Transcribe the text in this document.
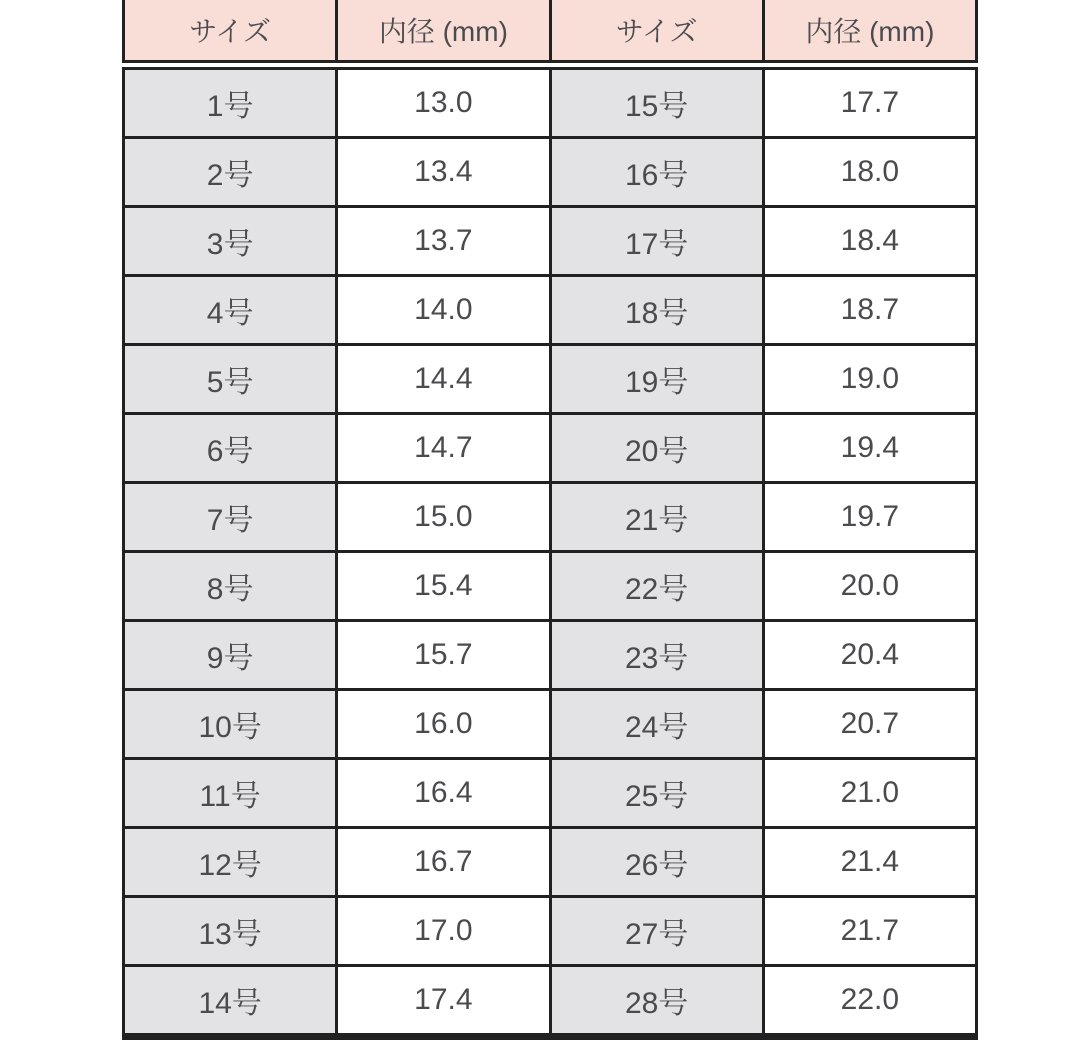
サイズ	内径 (mm)	サイズ	内径 (mm)
1号	13.0	15号	17.7
2号	13.4	16号	18.0
3号	13.7	17号	18.4
4号	14.0	18号	18.7
5号	14.4	19号	19.0
6号	14.7	20号	19.4
7号	15.0	21号	19.7
8号	15.4	22号	20.0
9号	15.7	23号	20.4
10号	16.0	24号	20.7
11号	16.4	25号	21.0
12号	16.7	26号	21.4
13号	17.0	27号	21.7
14号	17.4	28号	22.0
